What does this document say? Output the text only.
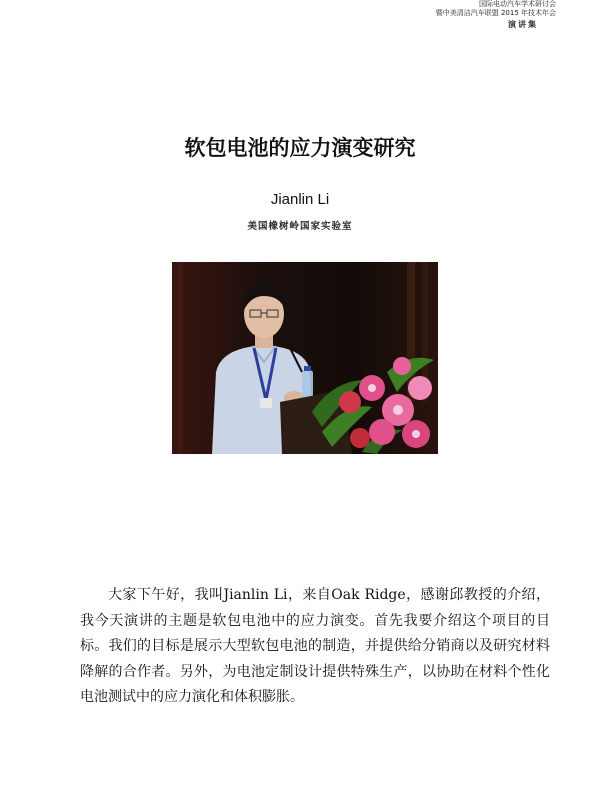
国际电动汽车学术研讨会
暨中美清洁汽车联盟 2015 年技术年会
演讲集
软包电池的应力演变研究
Jianlin Li
美国橡树岭国家实验室

大家下午好，我叫Jianlin Li，来自Oak Ridge，感谢邱教授的介绍，我今天演讲的主题是软包电池中的应力演变。首先我要介绍这个项目的目标。我们的目标是展示大型软包电池的制造，并提供给分销商以及研究材料降解的合作者。另外，为电池定制设计提供特殊生产，以协助在材料个性化电池测试中的应力演化和体积膨胀。
